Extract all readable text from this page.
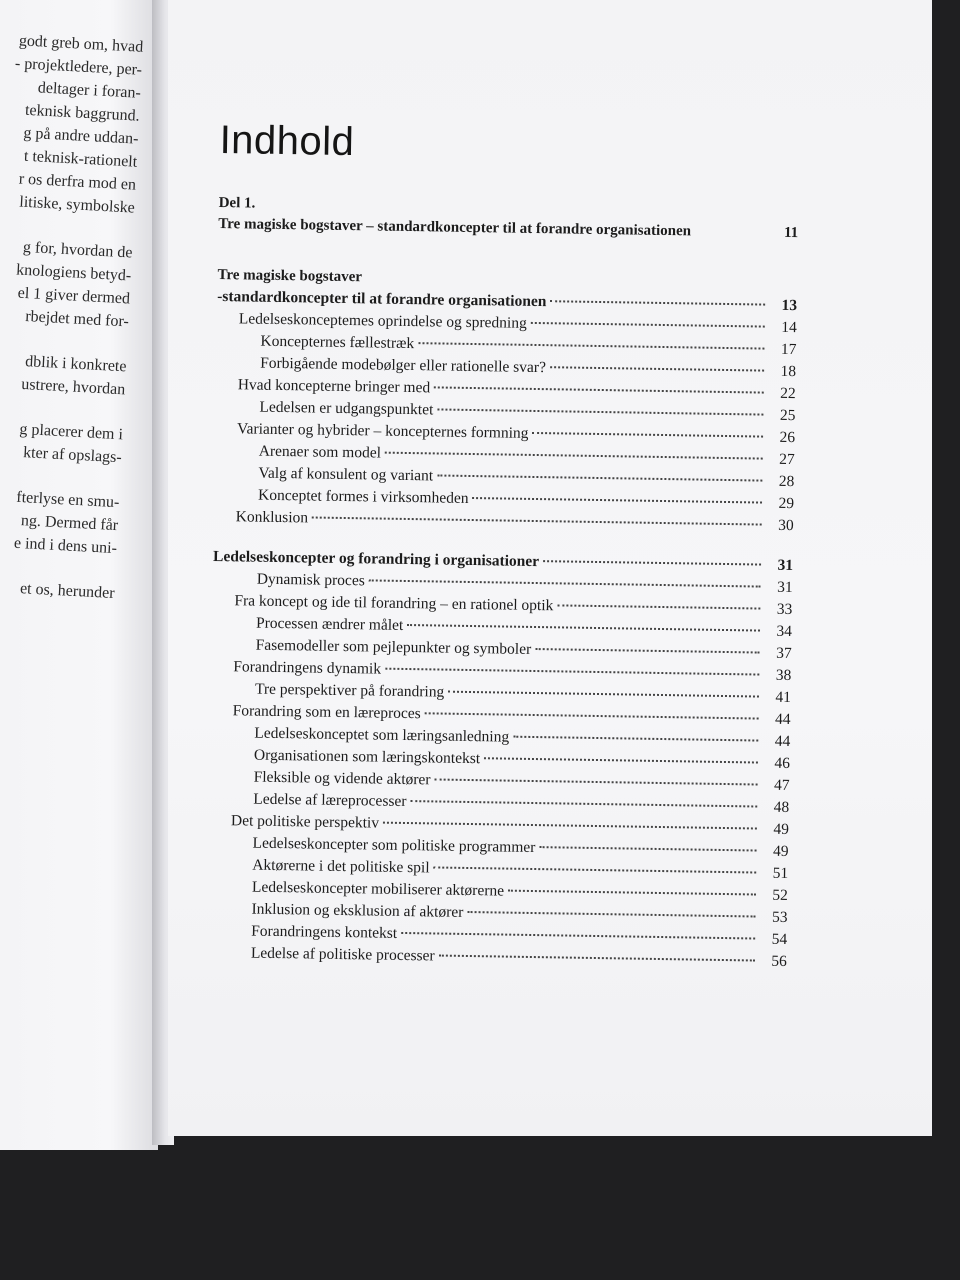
godt greb om, hvad
- projektledere, per-
deltager i foran-
teknisk baggrund.
g på andre uddan-
t teknisk-rationelt
r os derfra mod en
litiske, symbolske
g for, hvordan de
knologiens betyd-
el 1 giver dermed
rbejdet med for-
dblik i konkrete
ustrere, hvordan
g placerer dem i
kter af opslags-
fterlyse en smu-
ng. Dermed får
e ind i dens uni-
et os, herunder
Indhold
Del 1.
Tre magiske bogstaver – standardkoncepter til at forandre organisationen	11
Tre magiske bogstaver
-standardkoncepter til at forandre organisationen	13
Ledelseskonceptemes oprindelse og spredning	14
Koncepternes fællestræk	17
Forbigående modebølger eller rationelle svar?	18
Hvad koncepterne bringer med	22
Ledelsen er udgangspunktet	25
Varianter og hybrider – koncepternes formning	26
Arenaer som model	27
Valg af konsulent og variant	28
Konceptet formes i virksomheden	29
Konklusion	30
Ledelseskoncepter og forandring i organisationer	31
Dynamisk proces	31
Fra koncept og ide til forandring – en rationel optik	33
Processen ændrer målet	34
Fasemodeller som pejlepunkter og symboler	37
Forandringens dynamik	38
Tre perspektiver på forandring	41
Forandring som en læreproces	44
Ledelseskonceptet som læringsanledning	44
Organisationen som læringskontekst	46
Fleksible og vidende aktører	47
Ledelse af læreprocesser	48
Det politiske perspektiv	49
Ledelseskoncepter som politiske programmer	49
Aktørerne i det politiske spil	51
Ledelseskoncepter mobiliserer aktørerne	52
Inklusion og eksklusion af aktører	53
Forandringens kontekst	54
Ledelse af politiske processer	56
